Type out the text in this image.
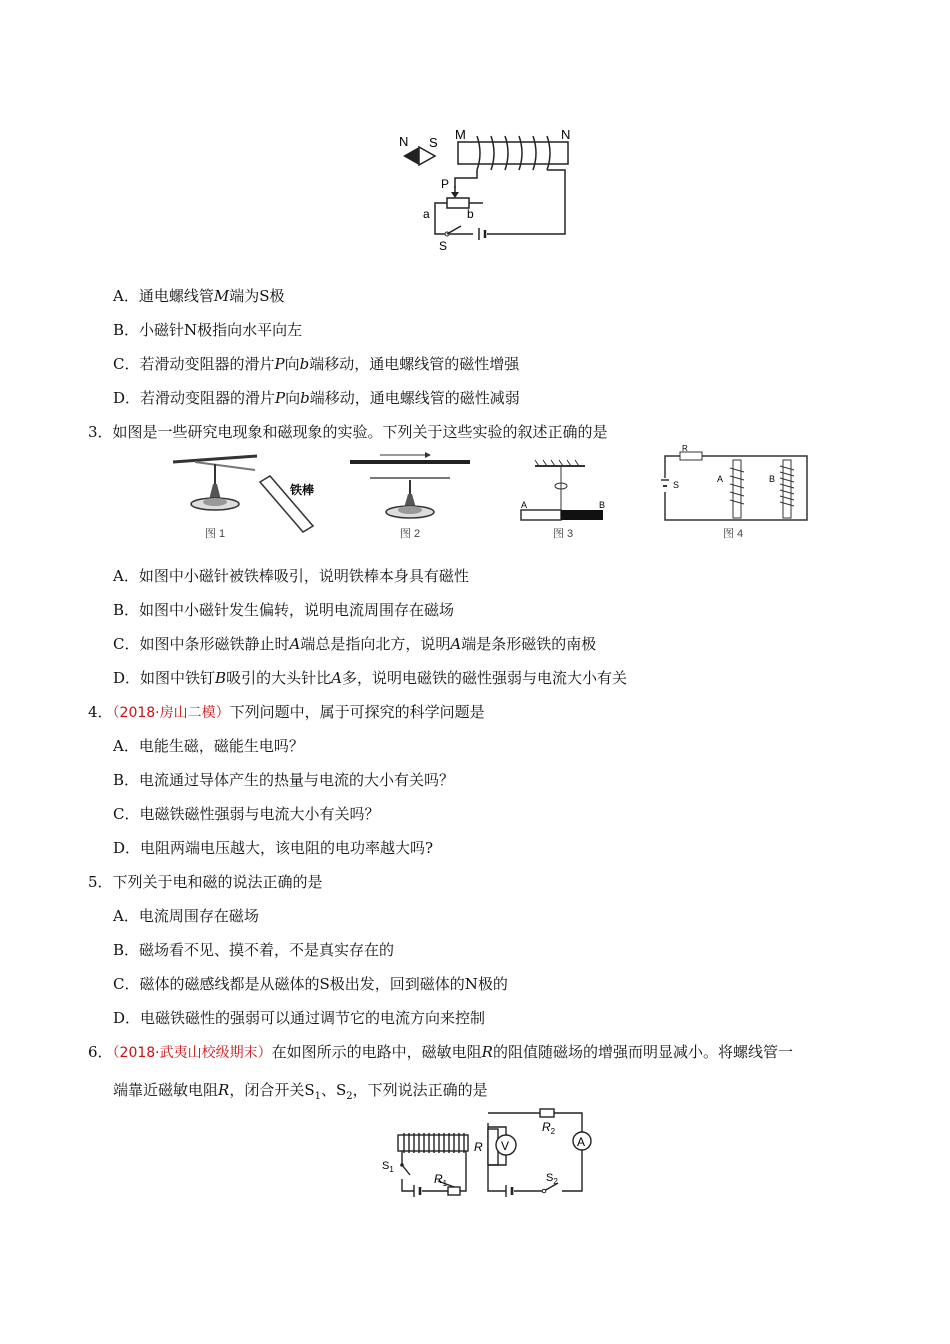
N S
M	N
P
a	b
S
A．通电螺线管M端为S极
B．小磁针N极指向水平向左
C．若滑动变阻器的滑片P向b端移动，通电螺线管的磁性增强
D．若滑动变阻器的滑片P向b端移动，通电螺线管的磁性减弱
3．如图是一些研究电现象和磁现象的实验。下列关于这些实验的叙述正确的是
铁棒
图 1	图 2
A	B
图 3
R
S
A	B
图 4
A．如图中小磁针被铁棒吸引，说明铁棒本身具有磁性
B．如图中小磁针发生偏转，说明电流周围存在磁场
C．如图中条形磁铁静止时A端总是指向北方，说明A端是条形磁铁的南极
D．如图中铁钉B吸引的大头针比A多，说明电磁铁的磁性强弱与电流大小有关
4．（2018·房山二模）下列问题中，属于可探究的科学问题是
A．电能生磁，磁能生电吗？
B．电流通过导体产生的热量与电流的大小有关吗？
C．电磁铁磁性强弱与电流大小有关吗？
D．电阻两端电压越大，该电阻的电功率越大吗?
5．下列关于电和磁的说法正确的是
A．电流周围存在磁场
B．磁场看不见、摸不着，不是真实存在的
C．磁体的磁感线都是从磁体的S极出发，回到磁体的N极的
D．电磁铁磁性的强弱可以通过调节它的电流方向来控制
6．（2018·武夷山校级期末）在如图所示的电路中，磁敏电阻R的阻值随磁场的增强而明显减小。将螺线管一
端靠近磁敏电阻R，闭合开关$S_1$、$S_2$，下列说法正确的是
V	A
R
$R_2$
$R_1$
$S_1$
$S_2$
